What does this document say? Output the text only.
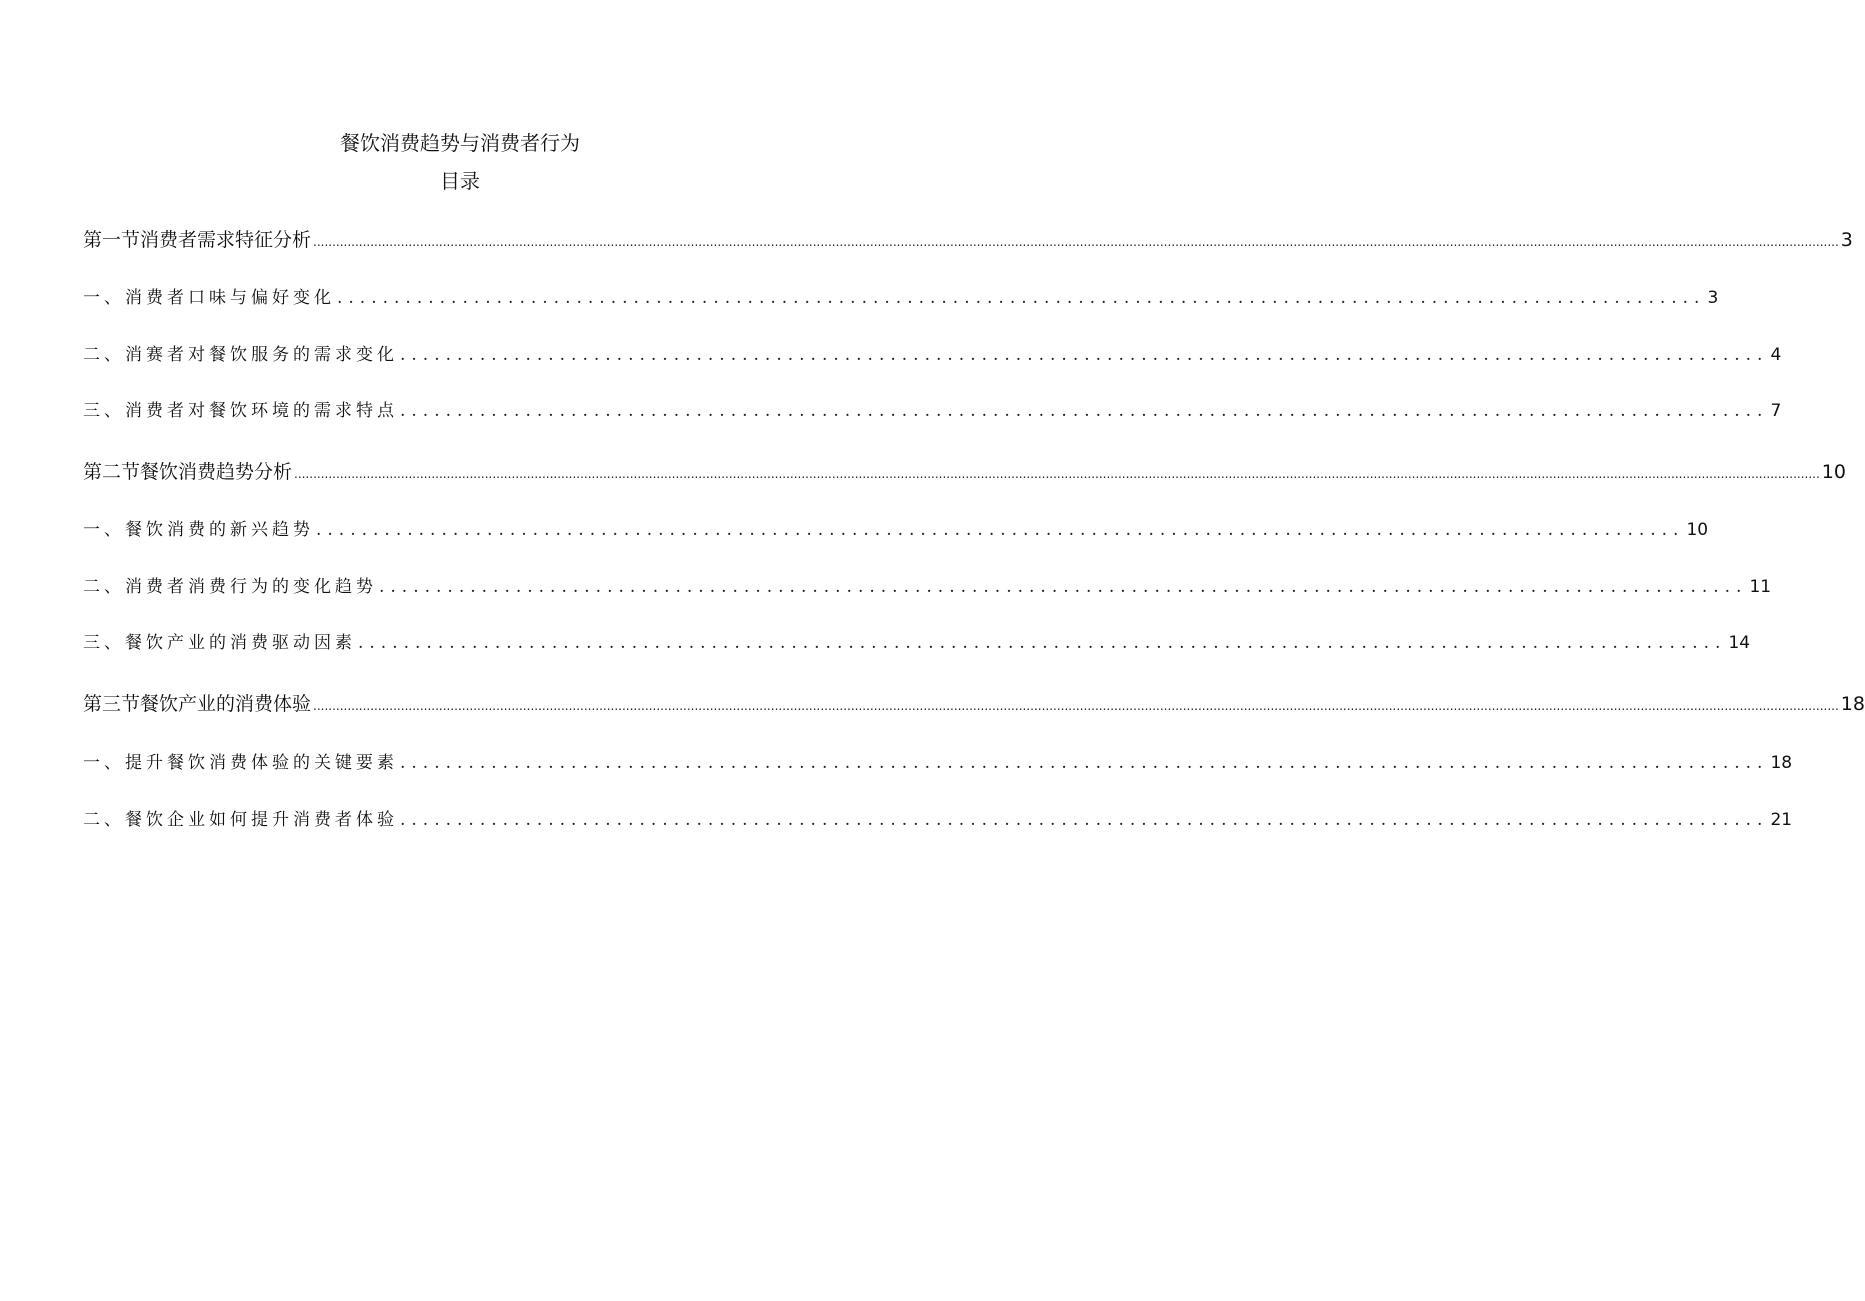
餐饮消费趋势与消费者行为
目录
第一节消费者需求特征分析 ................................................................................................................................................................................................................................................................................................................................................................................................................ 3
一、消费者口味与偏好变化 ........................................................................................................................ 3
二、消赛者对餐饮服务的需求变化 ........................................................................................................................ 4
三、消费者对餐饮环境的需求特点 ........................................................................................................................ 7
第二节餐饮消费趋势分析 ................................................................................................................................................................................................................................................................................................................................................................................................................ 10
一、餐饮消费的新兴趋势 ........................................................................................................................ 10
二、消费者消费行为的变化趋势 ........................................................................................................................ 11
三、餐饮产业的消费驱动因素 ........................................................................................................................ 14
第三节餐饮产业的消费体验 ................................................................................................................................................................................................................................................................................................................................................................................................................ 18
一、提升餐饮消费体验的关键要素 ........................................................................................................................ 18
二、餐饮企业如何提升消费者体验 ........................................................................................................................ 21
